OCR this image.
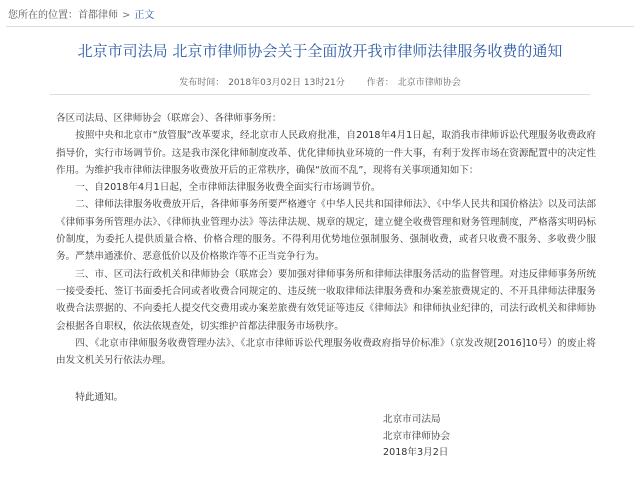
您所在的位置：首都律师 > 正文
北京市司法局 北京市律师协会关于全面放开我市律师法律服务收费的通知
发布时间： 2018年03月02日 13时21分 作者： 北京市律师协会

各区司法局、区律师协会（联席会）、各律师事务所：

按照中央和北京市“放管服”改革要求，经北京市人民政府批准，自2018年4月1日起，取消我市律师诉讼代理服务收费政府指导价，实行市场调节价。这是我市深化律师制度改革、优化律师执业环境的一件大事，有利于发挥市场在资源配置中的决定性作用。为维护我市律师法律服务收费放开后的正常秩序，确保“放而不乱”，现将有关事项通知如下：

一、自2018年4月1日起，全市律师法律服务收费全面实行市场调节价。

二、律师法律服务收费放开后，各律师事务所要严格遵守《中华人民共和国律师法》、《中华人民共和国价格法》以及司法部《律师事务所管理办法》、《律师执业管理办法》等法律法规、规章的规定，建立健全收费管理和财务管理制度，严格落实明码标价制度，为委托人提供质量合格、价格合理的服务。不得利用优势地位强制服务、强制收费，或者只收费不服务、多收费少服务。严禁串通涨价、恶意低价以及价格欺诈等不正当竞争行为。

三、市、区司法行政机关和律师协会（联席会）要加强对律师事务所和律师法律服务活动的监督管理。对违反律师事务所统一接受委托、签订书面委托合同或者收费合同规定的、违反统一收取律师法律服务费和办案差旅费规定的、不开具律师法律服务收费合法票据的、不向委托人提交代交费用或办案差旅费有效凭证等违反《律师法》和律师执业纪律的，司法行政机关和律师协会根据各自职权，依法依规查处，切实维护首都法律服务市场秩序。

四、《北京市律师服务收费管理办法》、《北京市律师诉讼代理服务收费政府指导价标准》（京发改规[2016]10号）的废止将由发文机关另行依法办理。

特此通知。

北京市司法局
北京市律师协会
2018年3月2日
